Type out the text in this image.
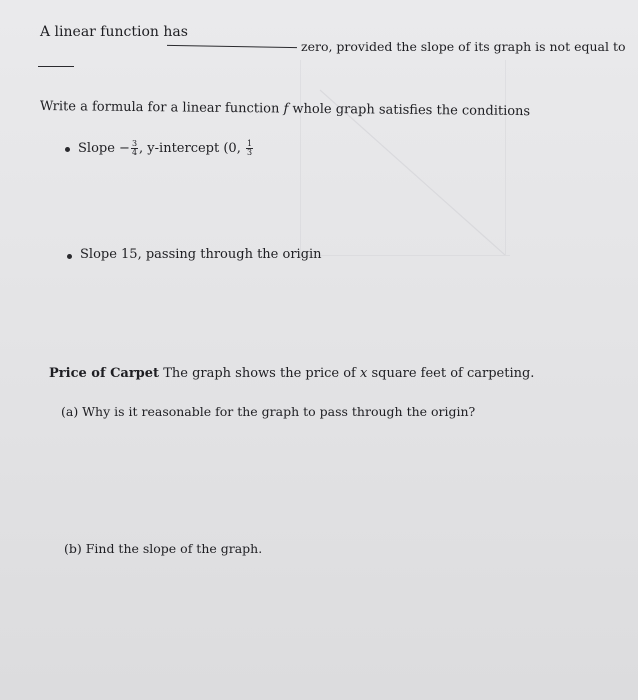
A linear function has
zero, provided the slope of its graph is not equal to
Write a formula for a linear function f whole graph satisfies the conditions
Slope − $\frac{3}{4}$ , y-intercept (0, $\frac{1}{3}$
Slope 15, passing through the origin
Price of Carpet The graph shows the price of x square feet of carpeting.
(a) Why is it reasonable for the graph to pass through the origin?
(b) Find the slope of the graph.
